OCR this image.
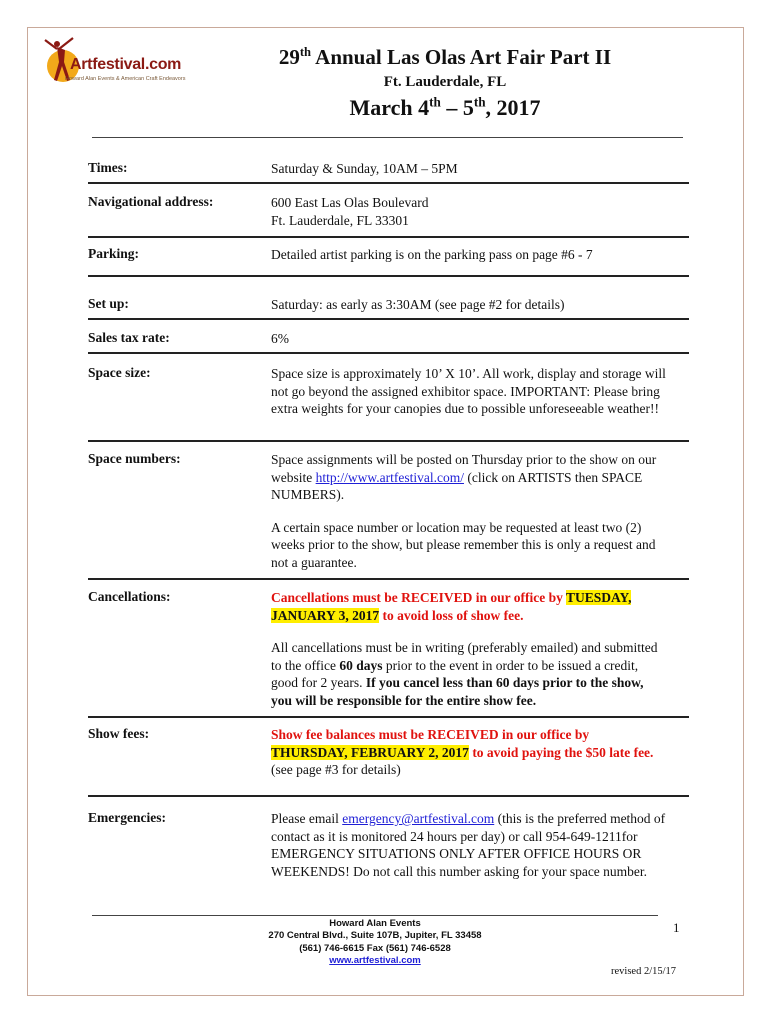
Artfestival.com
Howard Alan Events & American Craft Endeavors
29th Annual Las Olas Art Fair Part II
Ft. Lauderdale, FL
March 4th – 5th, 2017
Times:	Saturday & Sunday, 10AM – 5PM
Navigational address:	600 East Las Olas Boulevard
Ft. Lauderdale, FL 33301
Parking:	Detailed artist parking is on the parking pass on page #6 - 7
Set up:	Saturday: as early as 3:30AM (see page #2 for details)
Sales tax rate:	6%
Space size:	Space size is approximately 10’ X 10’. All work, display and storage will not go beyond the assigned exhibitor space. IMPORTANT: Please bring extra weights for your canopies due to possible unforeseeable weather!!
Space numbers:	Space assignments will be posted on Thursday prior to the show on our website http://www.artfestival.com/ (click on ARTISTS then SPACE NUMBERS).

A certain space number or location may be requested at least two (2) weeks prior to the show, but please remember this is only a request and not a guarantee.

Cancellations:	Cancellations must be RECEIVED in our office by TUESDAY, JANUARY 3, 2017 to avoid loss of show fee.

All cancellations must be in writing (preferably emailed) and submitted to the office 60 days prior to the event in order to be issued a credit, good for 2 years. If you cancel less than 60 days prior to the show, you will be responsible for the entire show fee.

Show fees:	Show fee balances must be RECEIVED in our office by THURSDAY, FEBRUARY 2, 2017 to avoid paying the $50 late fee. (see page #3 for details)

Emergencies:	Please email emergency@artfestival.com (this is the preferred method of contact as it is monitored 24 hours per day) or call 954-649-1211for EMERGENCY SITUATIONS ONLY AFTER OFFICE HOURS OR WEEKENDS! Do not call this number asking for your space number.

Howard Alan Events
270 Central Blvd., Suite 107B, Jupiter, FL 33458
(561) 746-6615 Fax (561) 746-6528
www.artfestival.com
1
revised 2/15/17
